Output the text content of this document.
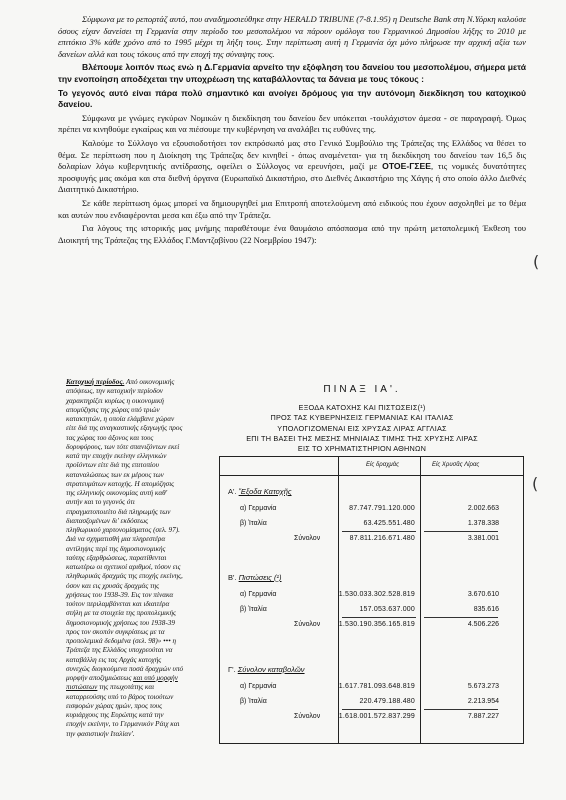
Σύμφωνα με το ρεπορτάζ αυτό, που αναδημοσιεύθηκε στην HERALD TRIBUNE (7-8.1.95) η Deutsche Bank στη Ν.Υόρκη καλούσε όσους είχαν δανείσει τη Γερμανία στην περίοδο του μεσοπολέμου να πάρουν ομόλογα του Γερμανικού Δημοσίου λήξης το 2010 με επιτόκιο 3% κάθε χρόνο από το 1995 μέχρι τη λήξη τους. Στην περίπτωση αυτή η Γερμανία όχι μόνο πλήρωσε την αρχική αξία των δανείων αλλά και τους τόκους από την εποχή της σύναψης τους.

Βλέπουμε λοιπόν πως ενώ η Δ.Γερμανία αρνείτο την εξόφληση του δανείου του μεσοπολέμου, σήμερα μετά την ενοποίηση αποδέχεται την υποχρέωση της καταβάλλοντας τα δάνεια με τους τόκους :

Το γεγονός αυτό είναι πάρα πολύ σημαντικό και ανοίγει δρόμους για την αυτόνομη διεκδίκηση του κατοχικού δανείου.

Σύμφωνα με γνώμες εγκύρων Νομικών η διεκδίκηση του δανείου δεν υπόκειται -τουλάχιστον άμεσα - σε παραγραφή. Όμως πρέπει να κινηθούμε εγκαίρως και να πιέσουμε την κυβέρνηση να αναλάβει τις ευθύνες της.

Καλούμε το Σύλλογο να εξουσιοδοτήσει τον εκπρόσωπό μας στο Γενικό Συμβούλιο της Τράπεζας της Ελλάδος να θέσει το θέμα. Σε περίπτωση που η Διοίκηση της Τράπεζας δεν κινηθεί - όπως αναμένεται- για τη διεκδίκηση του δανείου των 16,5 δις δολαρίων λόγω κυβερνητικής αντίδρασης, οφείλει ο Σύλλογος να ερευνήσει, μαζί με ΟΤΟΕ-ΓΣΕΕ, τις νομικές δυνατότητες προσφυγής μας ακόμα και στα διεθνή όργανα (Ευρωπαϊκό Δικαστήριο, στο Διεθνές Δικαστήριο της Χάγης ή στο οποίο άλλο Διεθνές Διαιτητικό Δικαστήριο.

Σε κάθε περίπτωση όμως μπορεί να δημιουργηθεί μια Επιτροπή αποτελούμενη από ειδικούς που έχουν ασχοληθεί με το θέμα και αυτών που ενδιαφέρονται μεσα και έξω από την Τράπεζα.

Για λόγους της ιστορικής μας μνήμης παραθέτουμε ένα θαυμάσιο απόσπασμα από την πρώτη μεταπολεμική Έκθεση του Διοικητή της Τράπεζας της Ελλάδος Γ.Μαντζαβίνου (22 Νοεμβρίου 1947):

(
(
Κατοχική περίοδος. Από οικονομικής απόψεως, την κατοχικήν περίοδον χαρακτηρίζει κυρίως η οικονομική απομύζησις της χώρας υπό τριών κατακτητών, η οποία ελάμβανε χώραν είτε διά της αναγκαστικής εξαγωγής προς τας χώρας του άξονος και τους δορυφόρους, των τότε σπανιζόντων εκεί κατά την εποχήν εκείνην ελληνικών προϊόντων είτε διά της επιτοπίου καταναλώσεως των εκ μέρους των στρατευμάτων κατοχής. Η απομύζησις της ελληνικής οικονομίας αυτή καθ' αυτήν και το γεγονός ότι επραγματοποιείτο διά πληρωμής των διαπασζομένων δι' εκδόσεως πληθωρικού χαρτονομίσματος (σελ. 97).
Διά να σχηματισθή μια πληρεστέρα αντίληψις περί της δημοσιονομικής ταύτης εξαρθρώσεως, παρατίθενται κατωτέρω οι σχετικοί αριθμοί, τόσον εις πληθωρικάς δραχμάς της εποχής εκείνης, όσον και εις χρυσάς δραχμάς της χρήσεως του 1938-39. Εις τον πίνακα τούτον περιλαμβάνεται και ιδιαιτέρα στήλη με τα στοιχεία της προπολεμικής δημοσιονομικής χρήσεως του 1938-39 προς τον σκοπόν συγκρίσεως με τα προπολεμικά δεδομένα (σελ. 98)» ••• η Τράπεζα της Ελλάδος υποχρεούται να καταβάλλη εις τας Αρχάς κατοχής συνεχώς διογκούμενα ποσά δραχμών υπό μορφήν αποζημιώσεως και υπό μορφήν πιστώσεων της πτωχοτάτης και καταρρεούσης υπό το βάρος τοιούτων εισφορών χώρας ημών, προς τους κυριάρχους της Ευρώπης κατά την εποχήν εκείνην, το Γερμανικόν Ράιχ και την φασιστικήν Ιταλίαν'.
ΠΙΝΑΞ ΙΑ'.
ΕΞΟΔΑ ΚΑΤΟΧΗΣ ΚΑΙ ΠΙΣΤΩΣΕΙΣ(¹)
ΠΡΟΣ ΤΑΣ ΚΥΒΕΡΝΗΣΕΙΣ ΓΕΡΜΑΝΙΑΣ ΚΑΙ ΙΤΑΛΙΑΣ
ΥΠΟΛΟΓΙΖΟΜΕΝΑΙ ΕΙΣ ΧΡΥΣΑΣ ΛΙΡΑΣ ΑΓΓΛΙΑΣ
ΕΠΙ ΤΗ ΒΑΣΕΙ ΤΗΣ ΜΕΣΗΣ ΜΗΝΙΑΙΑΣ ΤΙΜΗΣ ΤΗΣ ΧΡΥΣΗΣ ΛΙΡΑΣ
ΕΙΣ ΤΟ ΧΡΗΜΑΤΙΣΤΗΡΙΟΝ ΑΘΗΝΩΝ
Εἰς δραχμάς	Εἰς Χρυσᾶς Λίρας
Α'. Ἔξοδα Κατοχῆς
α) Γερμανία	87.747.791.120.000	2.002.663
β) Ἰταλία	63.425.551.480	1.378.338
Σύνολον	87.811.216.671.480	3.381.001
Β'. Πιστώσεις (¹)
α) Γερμανία	1.530.033.302.528.819	3.670.610
β) Ἰταλία	157.053.637.000	835.616
Σύνολον	1.530.190.356.165.819	4.506.226
Γ'. Σύνολον καταβολῶν
α) Γερμανία	1.617.781.093.648.819	5.673.273
β) Ἰταλία	220.479.188.480	2.213.954
Σύνολον	1.618.001.572.837.299	7.887.227
